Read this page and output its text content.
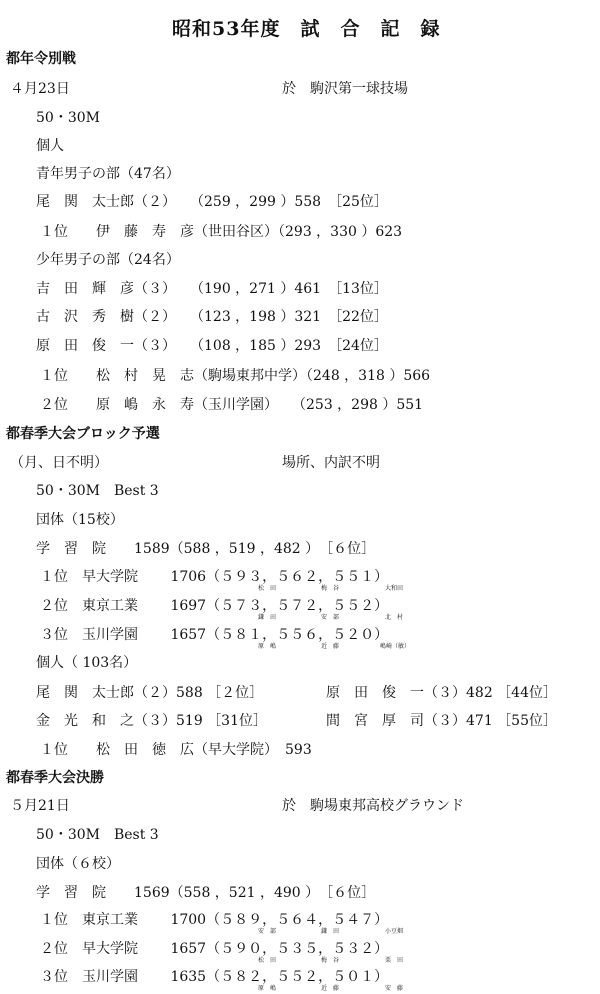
昭和53年度　試　合　記　録
都年令別戦
４月23日	於　駒沢第一球技場
50・30M
個人
青年男子の部（47名）
尾　関　太士郎（２）　　（259 ，299 ）558　［25位］
１位　　伊　藤　寿　彦（世田谷区）（293 ，330 ）623
少年男子の部（24名）
吉　田　輝　彦（３）　　（190 ，271 ）461　［13位］
古　沢　秀　樹（２）　　（123 ，198 ）321　［22位］
原　田　俊　一（３）　　（108 ，185 ）293　［24位］
１位　　松　村　晃　志（駒場東邦中学）（248 ，318 ）566
２位　　原　嶋　永　寿（玉川学園）　　（253 ，298 ）551
都春季大会ブロック予選
（月、日不明）	場所、内訳不明
50・30M　Best 3
団体（15校）
学　習　院　　1589（588 ，519 ，482 ）　［６位］
１位　早大学院　　 1706（５９３，５６２，５５１）
松　田	梅　谷	大和田
２位　東京工業　　 1697（５７３，５７２，５５２）
鎌　田	安　部	北　村
３位　玉川学園　　 1657（５８１，５５６，５２０）
原　嶋	近　藤	嶋崎（敏）
個人（ 103名）
尾　関　太士郎（２）588 ［２位］	原　田　俊　一（３）482 ［44位］
金　光　和　之（３）519 ［31位］	間　宮　厚　司（３）471 ［55位］
１位　　松　田　徳　広（早大学院）　593
都春季大会決勝
５月21日	於　駒場東邦高校グラウンド
50・30M　Best 3
団体（６校）
学　習　院　　1569（558 ，521 ，490 ）　［６位］
１位　東京工業　　 1700（５８９，５６４，５４７）
安　部	鎌　田	小豆畑
２位　早大学院　　 1657（５９０，５３５，５３２）
松　田	梅　谷	栗　田
３位　玉川学園　　 1635（５８２，５５２，５０１）
原　嶋	近　藤	安　藤
